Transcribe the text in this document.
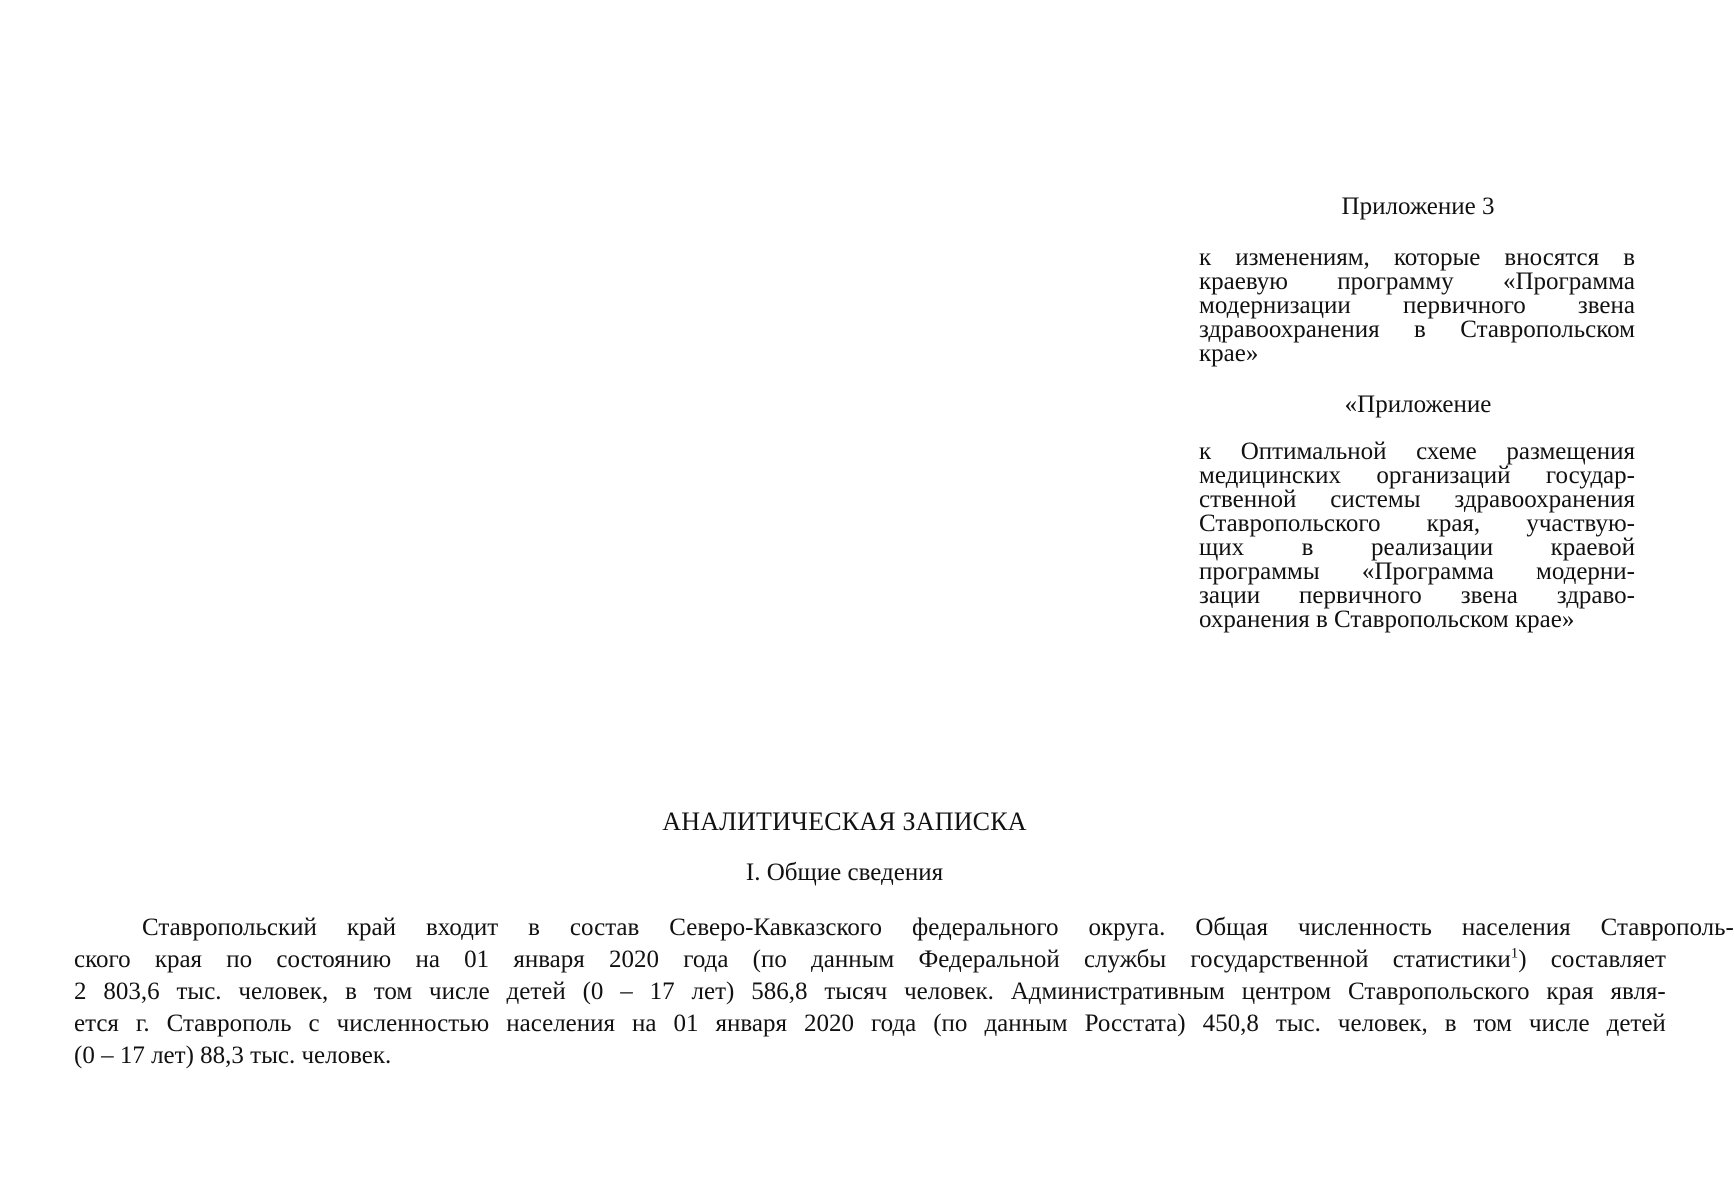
Приложение 3
к изменениям, которые вносятся в
краевую программу «Программа
модернизации первичного звена
здравоохранения в Ставропольском
крае»
«Приложение
к Оптимальной схеме размещения
медицинских организаций государ-
ственной системы здравоохранения
Ставропольского края, участвую-
щих в реализации краевой
программы «Программа модерни-
зации первичного звена здраво-
охранения в Ставропольском крае»
АНАЛИТИЧЕСКАЯ ЗАПИСКА
I. Общие сведения
Ставропольский край входит в состав Северо-Кавказского федерального округа. Общая численность населения Ставрополь-
ского края по состоянию на 01 января 2020 года (по данным Федеральной службы государственной статистики$^1$) составляет
2 803,6 тыс. человек, в том числе детей (0 – 17 лет) 586,8 тысяч человек. Административным центром Ставропольского края явля-
ется г. Ставрополь с численностью населения на 01 января 2020 года (по данным Росстата) 450,8 тыс. человек, в том числе детей
(0 – 17 лет) 88,3 тыс. человек.
